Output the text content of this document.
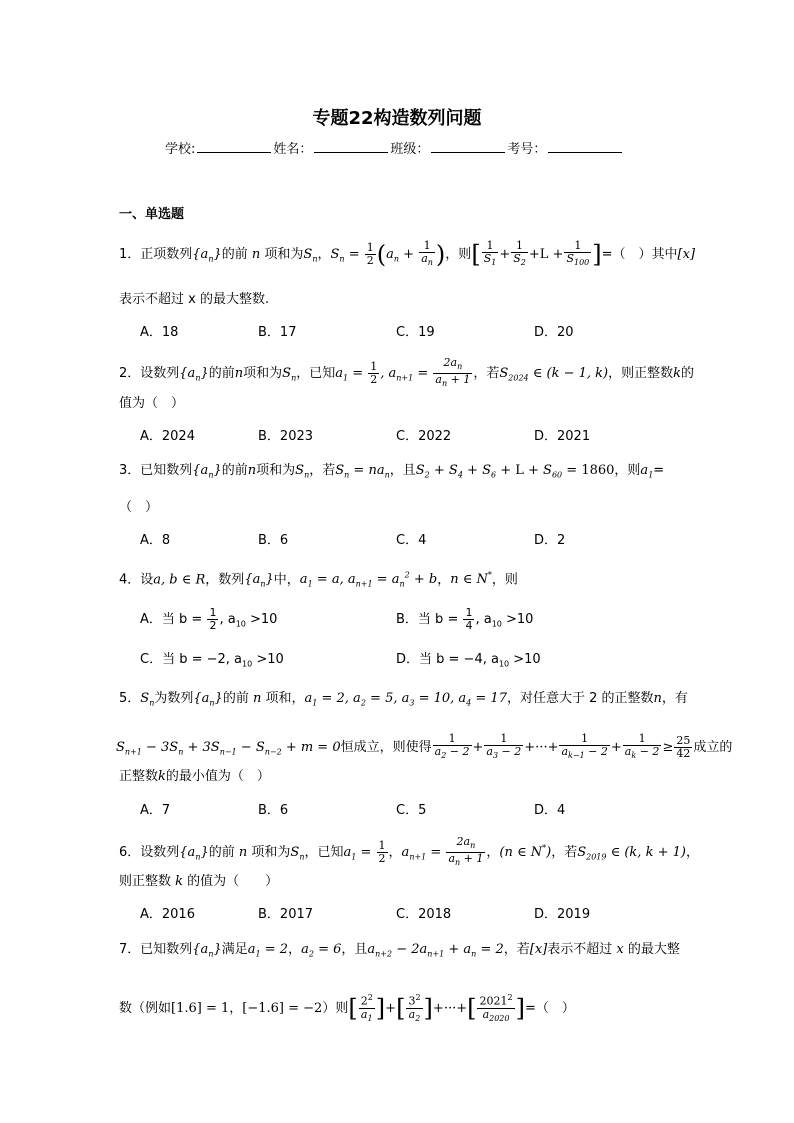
专题22构造数列问题
学校:	姓名：	班级：	考号：
一、单选题
1．正项数列$\{a_n\}$的前 n 项和为$S_n$，$S_n = \frac{1}{2} (a_n + \frac{1}{a_n}$ )，则[ $\frac{1}{S_1} + \frac{1}{S_2} +L + \frac{1}{S_{100}}$ ]=（　）其中[x]
表示不超过 x 的最大整数.
A．18	B．17	C．19	D．20
2．设数列$\{a_n\}$的前n项和为$S_n$，已知$a_1 = \frac{1}{2}$ , $a_{n+1} = \frac{2a_n}{a_n + 1}$ ，若$S_{2024}$ ∈ (k − 1, k)，则正整数k的
值为（　）
A．2024	B．2023	C．2022	D．2021
3．已知数列$\{a_n\}$的前n项和为$S_n$，若$S_n = na_n$，且$S_2 + S_4 + S_6 + L + S_{60} = 1860$，则$a_1=$
（　）
A．8	B．6	C．4	D．2
4．设a, b ∈ R，数列$\{a_n\}$中，$a_1 = a$, $a_{n+1} = a_n^2 + b$，n ∈ N*，则
A．当 $b = \frac{1}{2}$ , $a_{10} >10$	B．当 $b = \frac{1}{4}$ , $a_{10} >10$
C．当 b = −2, $a_{10} >10$	D．当 b = −4, $a_{10} >10$
5．$S_n$为数列$\{a_n\}$的前 n 项和，$a_1 = 2$, $a_2 = 5$, $a_3 = 10$, $a_4 = 17$，对任意大于 2 的正整数n，有
$S_{n+1} - 3S_n + 3S_{n-1} - S_{n-2} + m = 0$恒成立，则使得 $\frac{1}{a_2 - 2} + \frac{1}{a_3 - 2}$ +···+ $\frac{1}{a_{k-1} - 2} + \frac{1}{a_k - 2} \ge \frac{25}{42}$ 成立的
正整数k的最小值为（　）
A．7	B．6	C．5	D．4
6．设数列$\{a_n\}$的前 n 项和为$S_n$，已知$a_1 = \frac{1}{2}$ ，$a_{n+1} = \frac{2a_n}{a_n + 1}$ ，(n ∈ N*)，若$S_{2019}$ ∈ (k, k + 1)，
则正整数 k 的值为（　　）
A．2016	B．2017	C．2018	D．2019
7．已知数列$\{a_n\}$满足$a_1 = 2$，$a_2 = 6$，且$a_{n+2} - 2a_{n+1} + a_n = 2$，若[x]表示不超过 x 的最大整
数（例如[1.6] = 1，[−1.6] = −2）则[ $\frac{2^2}{a_1}$ ]+[ $\frac{3^2}{a_2}$ ]+···+[ $\frac{2021^2}{a_{2020}}$ ]=（　）
